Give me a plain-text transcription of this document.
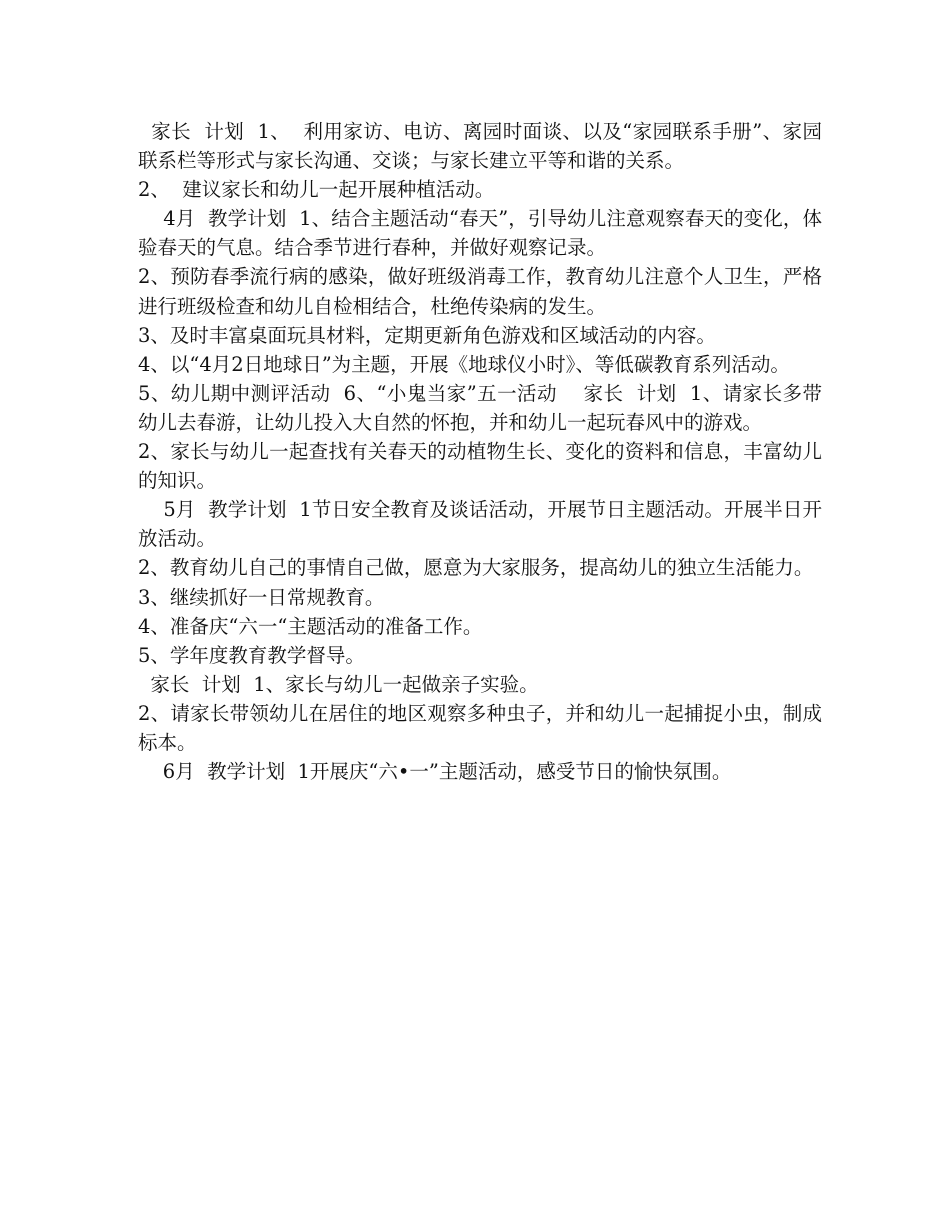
家长  计划  1、  利用家访、电访、离园时面谈、以及“家园联系手册”、家园联系栏等形式与家长沟通、交谈；与家长建立平等和谐的关系。

2、  建议家长和幼儿一起开展种植活动。

4月  教学计划  1、结合主题活动“春天”，引导幼儿注意观察春天的变化，体验春天的气息。结合季节进行春种，并做好观察记录。

2、预防春季流行病的感染，做好班级消毒工作，教育幼儿注意个人卫生，严格进行班级检查和幼儿自检相结合，杜绝传染病的发生。

3、及时丰富桌面玩具材料，定期更新角色游戏和区域活动的内容。

4、以“4月2日地球日”为主题，开展《地球仪小时》、等低碳教育系列活动。

5、幼儿期中测评活动  6、“小鬼当家”五一活动    家长  计划  1、请家长多带幼儿去春游，让幼儿投入大自然的怀抱，并和幼儿一起玩春风中的游戏。

2、家长与幼儿一起查找有关春天的动植物生长、变化的资料和信息，丰富幼儿的知识。

5月  教学计划  1节日安全教育及谈话活动，开展节日主题活动。开展半日开放活动。

2、教育幼儿自己的事情自己做，愿意为大家服务，提高幼儿的独立生活能力。

3、继续抓好一日常规教育。

4、准备庆“六一“主题活动的准备工作。

5、学年度教育教学督导。

家长  计划  1、家长与幼儿一起做亲子实验。

2、请家长带领幼儿在居住的地区观察多种虫子，并和幼儿一起捕捉小虫，制成标本。

6月  教学计划  1开展庆“六•一”主题活动，感受节日的愉快氛围。
